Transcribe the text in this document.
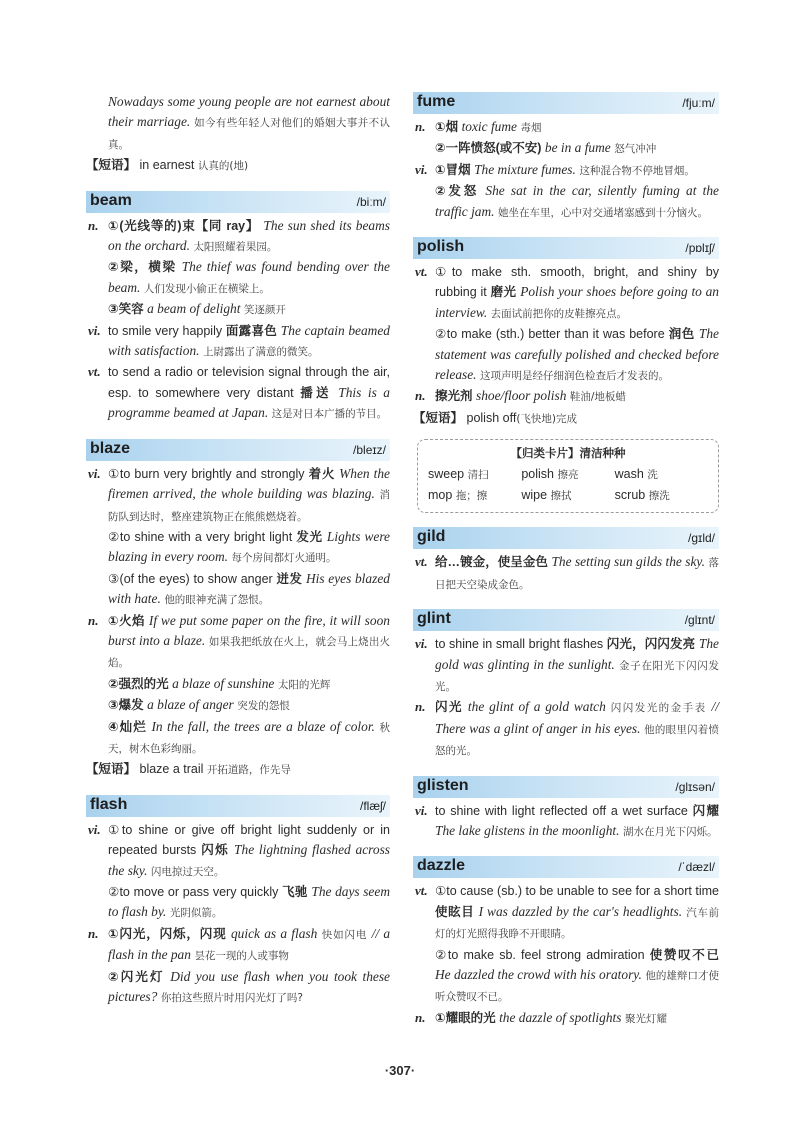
Nowadays some young people are not earnest about their marriage. 如今有些年轻人对他们的婚姻大事并不认真。

【短语】 in earnest 认真的(地)

beam	/biːm/

n. ①(光线等的)束【同 ray】 The sun shed its beams on the orchard. 太阳照耀着果园。

②梁，横梁 The thief was found bending over the beam. 人们发现小偷正在横梁上。

③笑容 a beam of delight 笑逐颜开

vi. to smile very happily 面露喜色 The captain beamed with satisfaction. 上尉露出了满意的微笑。

vt. to send a radio or television signal through the air, esp. to somewhere very distant 播送 This is a programme beamed at Japan. 这是对日本广播的节目。

blaze	/bleɪz/

vi. ①to burn very brightly and strongly 着火 When the firemen arrived, the whole building was blazing. 消防队到达时，整座建筑物正在熊熊燃烧着。

②to shine with a very bright light 发光 Lights were blazing in every room. 每个房间都灯火通明。

③(of the eyes) to show anger 迸发 His eyes blazed with hate. 他的眼神充满了怨恨。

n. ①火焰 If we put some paper on the fire, it will soon burst into a blaze. 如果我把纸放在火上，就会马上烧出火焰。

②强烈的光 a blaze of sunshine 太阳的光辉

③爆发 a blaze of anger 突发的怨恨

④灿烂 In the fall, the trees are a blaze of color. 秋天，树木色彩绚丽。

【短语】 blaze a trail 开拓道路，作先导

flash	/flæʃ/

vi. ①to shine or give off bright light suddenly or in repeated bursts 闪烁 The lightning flashed across the sky. 闪电掠过天空。

②to move or pass very quickly 飞驰 The days seem to flash by. 光阴似箭。

n. ①闪光，闪烁，闪现 quick as a flash 快如闪电 // a flash in the pan 昙花一现的人或事物

②闪光灯 Did you use flash when you took these pictures? 你拍这些照片时用闪光灯了吗?

fume	/fjuːm/

n. ①烟 toxic fume 毒烟

②一阵愤怒(或不安) be in a fume 怒气冲冲

vi. ①冒烟 The mixture fumes. 这种混合物不停地冒烟。

②发怒 She sat in the car, silently fuming at the traffic jam. 她坐在车里，心中对交通堵塞感到十分恼火。

polish	/pɒlɪʃ/

vt. ①to make sth. smooth, bright, and shiny by rubbing it 磨光 Polish your shoes before going to an interview. 去面试前把你的皮鞋擦亮点。

②to make (sth.) better than it was before 润色 The statement was carefully polished and checked before release. 这项声明是经仔细润色检查后才发表的。

n. 擦光剂 shoe/floor polish 鞋油/地板蜡

【短语】 polish off(飞快地)完成

【归类卡片】清洁种种
sweep 清扫	polish 擦亮	wash 洗
mop 拖；擦	wipe 擦拭	scrub 擦洗
gild	/gɪld/

vt. 给…镀金，使呈金色 The setting sun gilds the sky. 落日把天空染成金色。

glint	/glɪnt/

vi. to shine in small bright flashes 闪光，闪闪发亮 The gold was glinting in the sunlight. 金子在阳光下闪闪发光。

n. 闪光 the glint of a gold watch 闪闪发光的金手表 // There was a glint of anger in his eyes. 他的眼里闪着愤怒的光。

glisten	/glɪsən/

vi. to shine with light reflected off a wet surface 闪耀 The lake glistens in the moonlight. 湖水在月光下闪烁。

dazzle	/ˈdæzl/

vt. ①to cause (sb.) to be unable to see for a short time 使眩目 I was dazzled by the car's headlights. 汽车前灯的灯光照得我睁不开眼睛。

②to make sb. feel strong admiration 使赞叹不已 He dazzled the crowd with his oratory. 他的雄辩口才使听众赞叹不已。

n. ①耀眼的光 the dazzle of spotlights 聚光灯耀

·307·
